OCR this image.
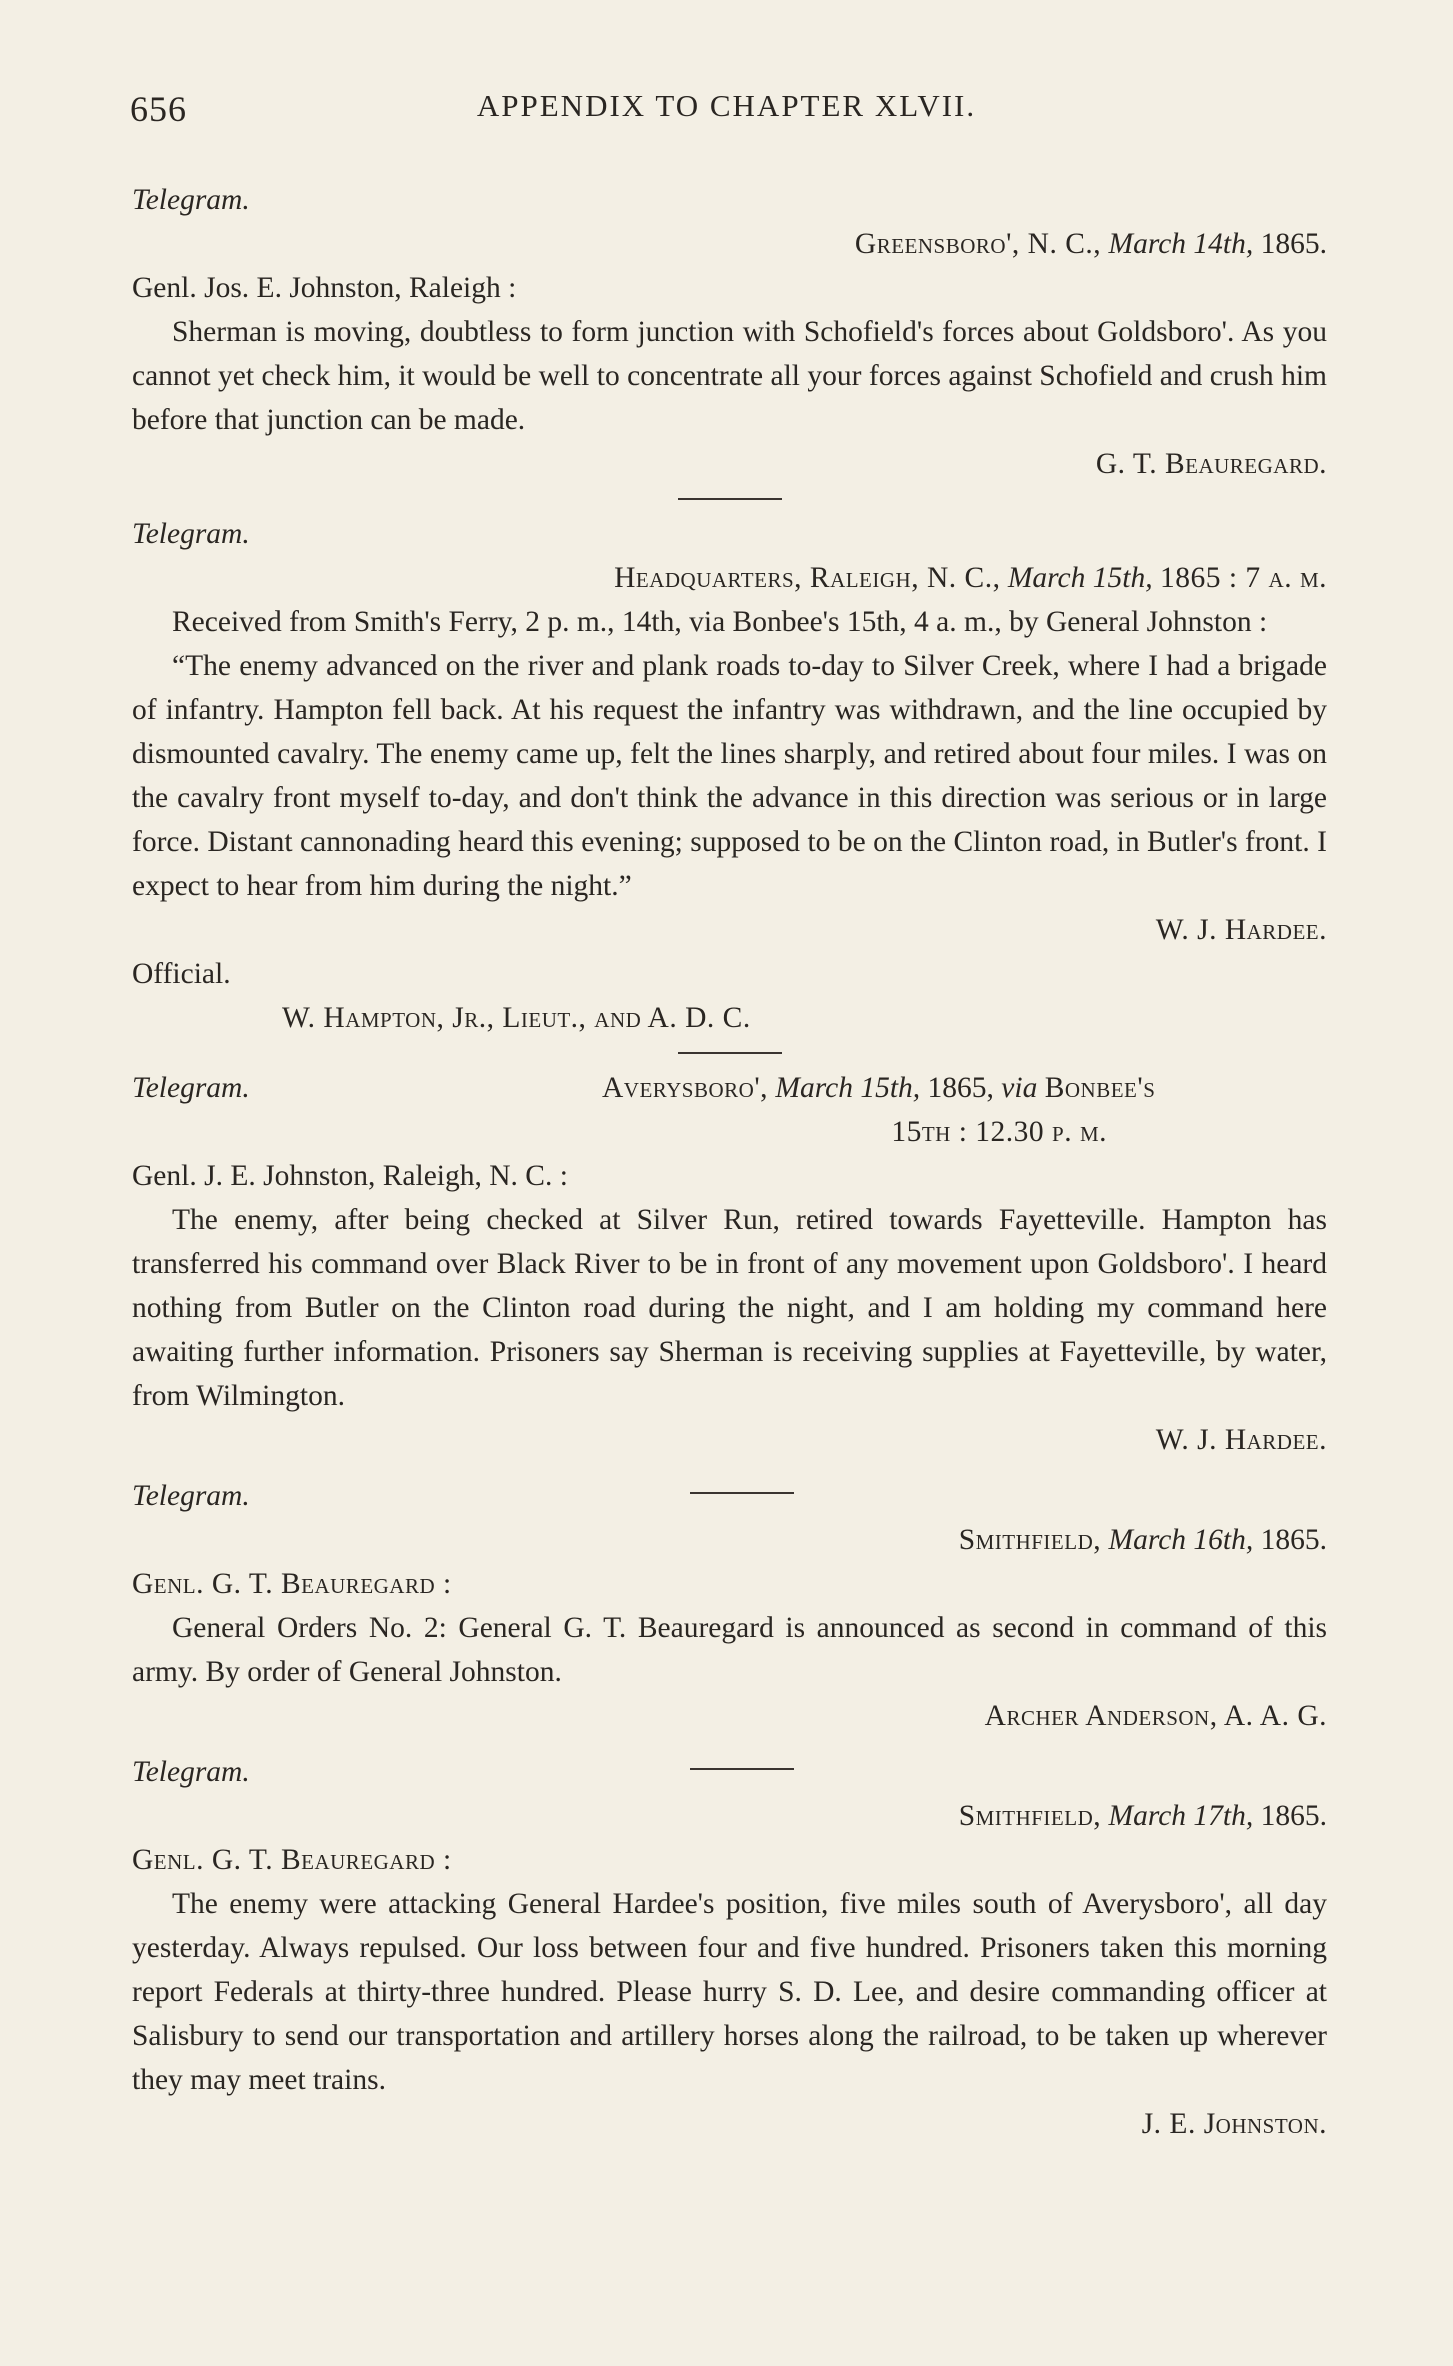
656	APPENDIX TO CHAPTER XLVII.

Telegram.

Greensboro', N. C., March 14th, 1865.

Genl. Jos. E. Johnston, Raleigh :

Sherman is moving, doubtless to form junction with Schofield's forces about Goldsboro'. As you cannot yet check him, it would be well to concentrate all your forces against Schofield and crush him before that junction can be made.

G. T. Beauregard.

Telegram.

Headquarters, Raleigh, N. C., March 15th, 1865 : 7 a. m.

Received from Smith's Ferry, 2 p. m., 14th, via Bonbee's 15th, 4 a. m., by General Johnston :

“The enemy advanced on the river and plank roads to-day to Silver Creek, where I had a brigade of infantry. Hampton fell back. At his request the infantry was withdrawn, and the line occupied by dismounted cavalry. The enemy came up, felt the lines sharply, and retired about four miles. I was on the cavalry front myself to-day, and don't think the advance in this direction was serious or in large force. Distant cannonading heard this evening; supposed to be on the Clinton road, in Butler's front. I expect to hear from him during the night.”

W. J. Hardee.

Official.

W. Hampton, Jr., Lieut., and A. D. C.

Telegram.	Averysboro', March 15th, 1865, via Bonbee's

15th : 12.30 p. m.

Genl. J. E. Johnston, Raleigh, N. C. :

The enemy, after being checked at Silver Run, retired towards Fayetteville. Hampton has transferred his command over Black River to be in front of any movement upon Goldsboro'. I heard nothing from Butler on the Clinton road during the night, and I am holding my command here awaiting further information. Prisoners say Sherman is receiving supplies at Fayetteville, by water, from Wilmington.

W. J. Hardee.

Telegram.

Smithfield, March 16th, 1865.

Genl. G. T. Beauregard :

General Orders No. 2: General G. T. Beauregard is announced as second in command of this army. By order of General Johnston.

Archer Anderson, A. A. G.

Telegram.

Smithfield, March 17th, 1865.

Genl. G. T. Beauregard :

The enemy were attacking General Hardee's position, five miles south of Averysboro', all day yesterday. Always repulsed. Our loss between four and five hundred. Prisoners taken this morning report Federals at thirty-three hundred. Please hurry S. D. Lee, and desire commanding officer at Salisbury to send our transportation and artillery horses along the railroad, to be taken up wherever they may meet trains.

J. E. Johnston.
